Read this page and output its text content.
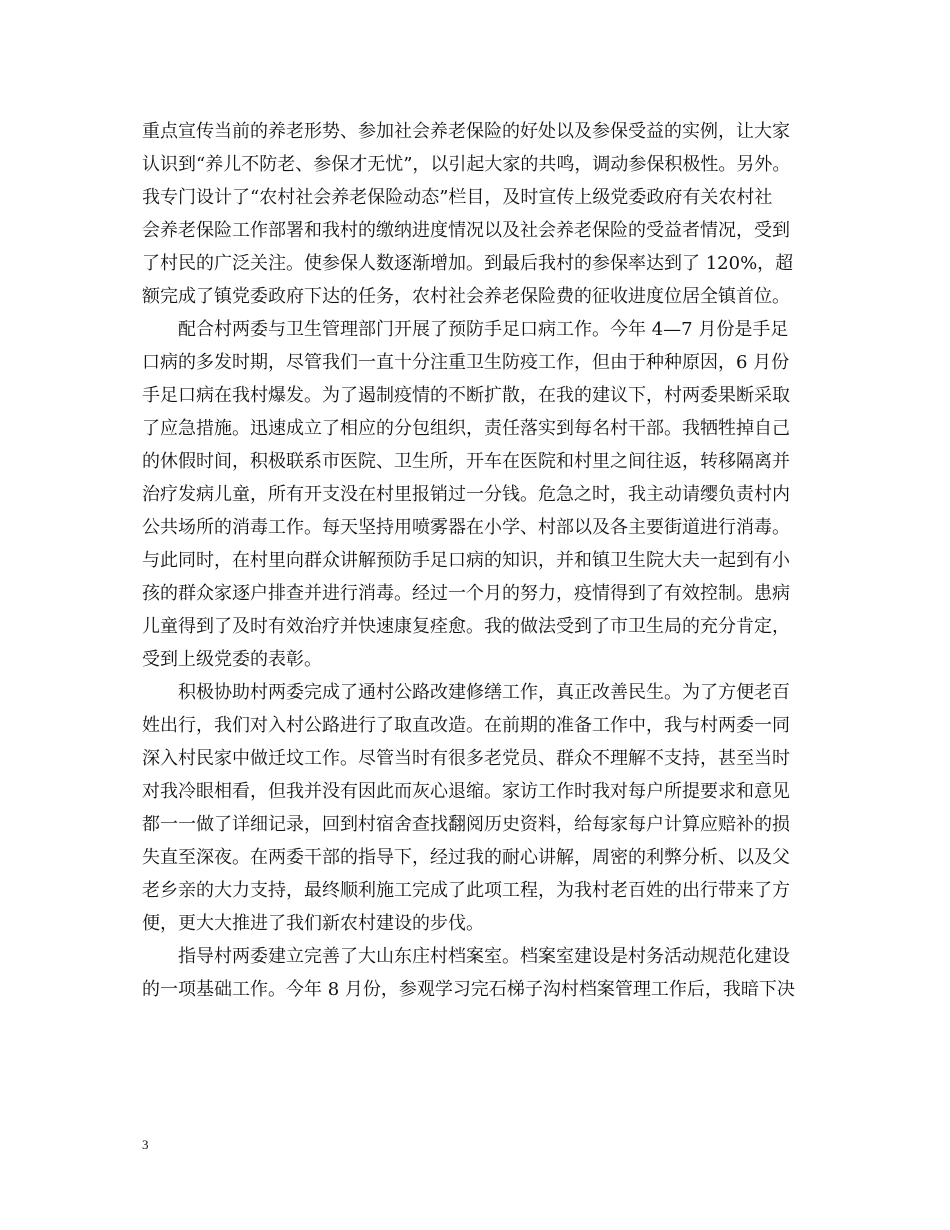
重点宣传当前的养老形势、参加社会养老保险的好处以及参保受益的实例，让大家
认识到“养儿不防老、参保才无忧”，以引起大家的共鸣，调动参保积极性。另外。
我专门设计了“农村社会养老保险动态”栏目，及时宣传上级党委政府有关农村社
会养老保险工作部署和我村的缴纳进度情况以及社会养老保险的受益者情况，受到
了村民的广泛关注。使参保人数逐渐增加。到最后我村的参保率达到了 120%，超
额完成了镇党委政府下达的任务，农村社会养老保险费的征收进度位居全镇首位。
配合村两委与卫生管理部门开展了预防手足口病工作。今年 4—7 月份是手足
口病的多发时期，尽管我们一直十分注重卫生防疫工作，但由于种种原因，6 月份
手足口病在我村爆发。为了遏制疫情的不断扩散，在我的建议下，村两委果断采取
了应急措施。迅速成立了相应的分包组织，责任落实到每名村干部。我牺牲掉自己
的休假时间，积极联系市医院、卫生所，开车在医院和村里之间往返，转移隔离并
治疗发病儿童，所有开支没在村里报销过一分钱。危急之时，我主动请缨负责村内
公共场所的消毒工作。每天坚持用喷雾器在小学、村部以及各主要街道进行消毒。
与此同时，在村里向群众讲解预防手足口病的知识，并和镇卫生院大夫一起到有小
孩的群众家逐户排查并进行消毒。经过一个月的努力，疫情得到了有效控制。患病
儿童得到了及时有效治疗并快速康复痊愈。我的做法受到了市卫生局的充分肯定，
受到上级党委的表彰。
积极协助村两委完成了通村公路改建修缮工作，真正改善民生。为了方便老百
姓出行，我们对入村公路进行了取直改造。在前期的准备工作中，我与村两委一同
深入村民家中做迁坟工作。尽管当时有很多老党员、群众不理解不支持，甚至当时
对我冷眼相看，但我并没有因此而灰心退缩。家访工作时我对每户所提要求和意见
都一一做了详细记录，回到村宿舍查找翻阅历史资料，给每家每户计算应赔补的损
失直至深夜。在两委干部的指导下，经过我的耐心讲解，周密的利弊分析、以及父
老乡亲的大力支持，最终顺利施工完成了此项工程，为我村老百姓的出行带来了方
便，更大大推进了我们新农村建设的步伐。
指导村两委建立完善了大山东庄村档案室。档案室建设是村务活动规范化建设
的一项基础工作。今年 8 月份，参观学习完石梯子沟村档案管理工作后，我暗下决
3
